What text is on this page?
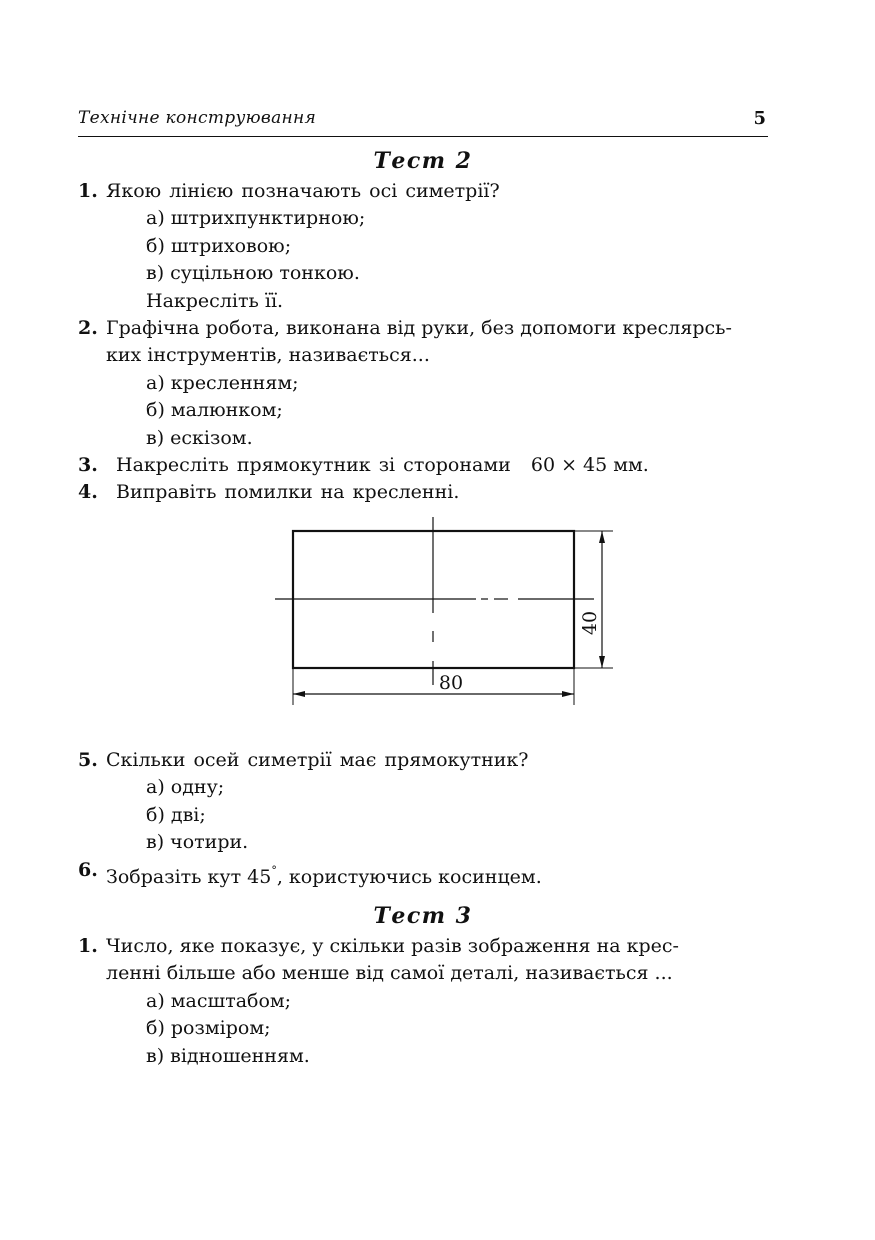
Технічне конструювання	5
Тест 2
1. Якою лінією позначають осі симетрії?
а) штрихпунктирною;
б) штриховою;
в) суцільною тонкою.
Накресліть її.
2. Графічна робота, виконана від руки, без допомоги креслярсь-
ких інструментів, називається...
а) кресленням;
б) малюнком;
в) ескізом.
3. Накресліть прямокутник зі сторонами 60 × 45 мм.
4. Виправіть помилки на кресленні.
80
40
5. Скільки осей симетрії має прямокутник?
а) одну;
б) дві;
в) чотири.
6. Зобразіть кут 45°, користуючись косинцем.
Тест 3
1. Число, яке показує, у скільки разів зображення на крес-
ленні більше або менше від самої деталі, називається ...
а) масштабом;
б) розміром;
в) відношенням.
